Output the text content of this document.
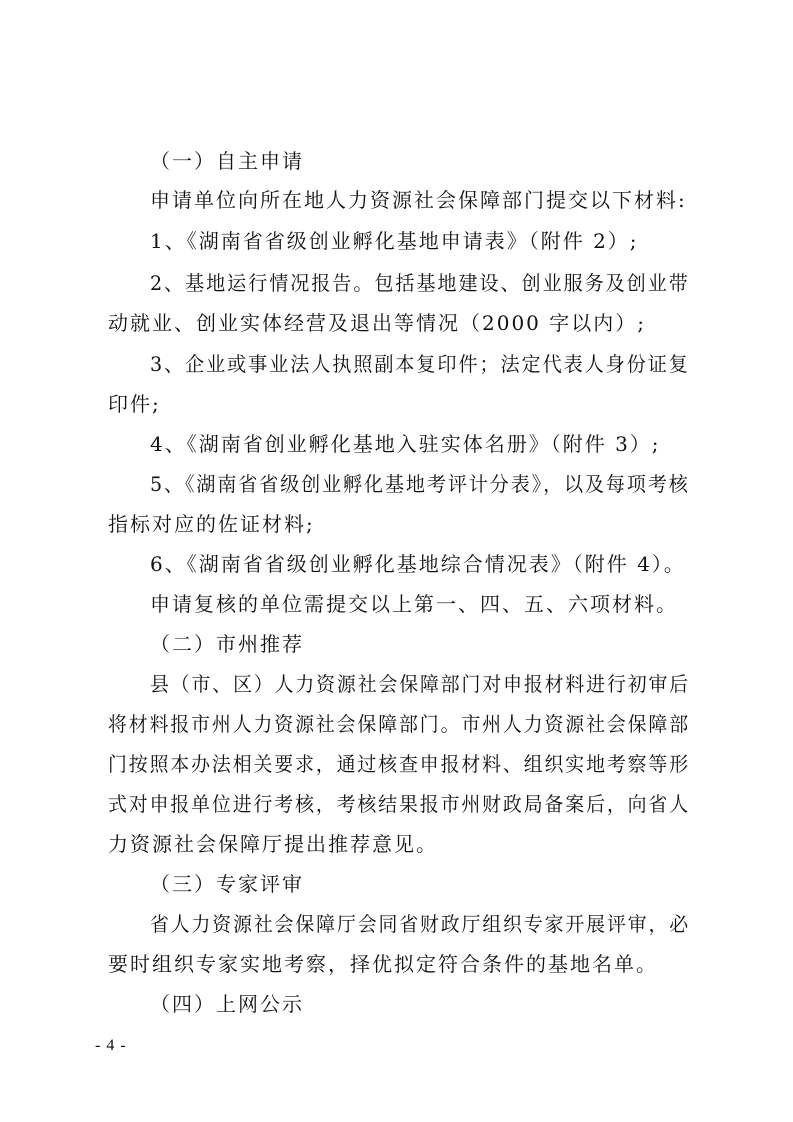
（一）自主申请

申请单位向所在地人力资源社会保障部门提交以下材料:

1、《湖南省省级创业孵化基地申请表》（附件 2）;

2、基地运行情况报告。包括基地建设、创业服务及创业带

动就业、创业实体经营及退出等情况（2000 字以内）;

3、企业或事业法人执照副本复印件；法定代表人身份证复

印件;

4、《湖南省创业孵化基地入驻实体名册》（附件 3）;

5、《湖南省省级创业孵化基地考评计分表》，以及每项考核

指标对应的佐证材料;

6、《湖南省省级创业孵化基地综合情况表》（附件 4）。

申请复核的单位需提交以上第一、四、五、六项材料。

（二）市州推荐

县（市、区）人力资源社会保障部门对申报材料进行初审后

将材料报市州人力资源社会保障部门。市州人力资源社会保障部

门按照本办法相关要求，通过核查申报材料、组织实地考察等形

式对申报单位进行考核，考核结果报市州财政局备案后，向省人

力资源社会保障厅提出推荐意见。

（三）专家评审

省人力资源社会保障厅会同省财政厅组织专家开展评审，必

要时组织专家实地考察，择优拟定符合条件的基地名单。

（四）上网公示

- 4 -
